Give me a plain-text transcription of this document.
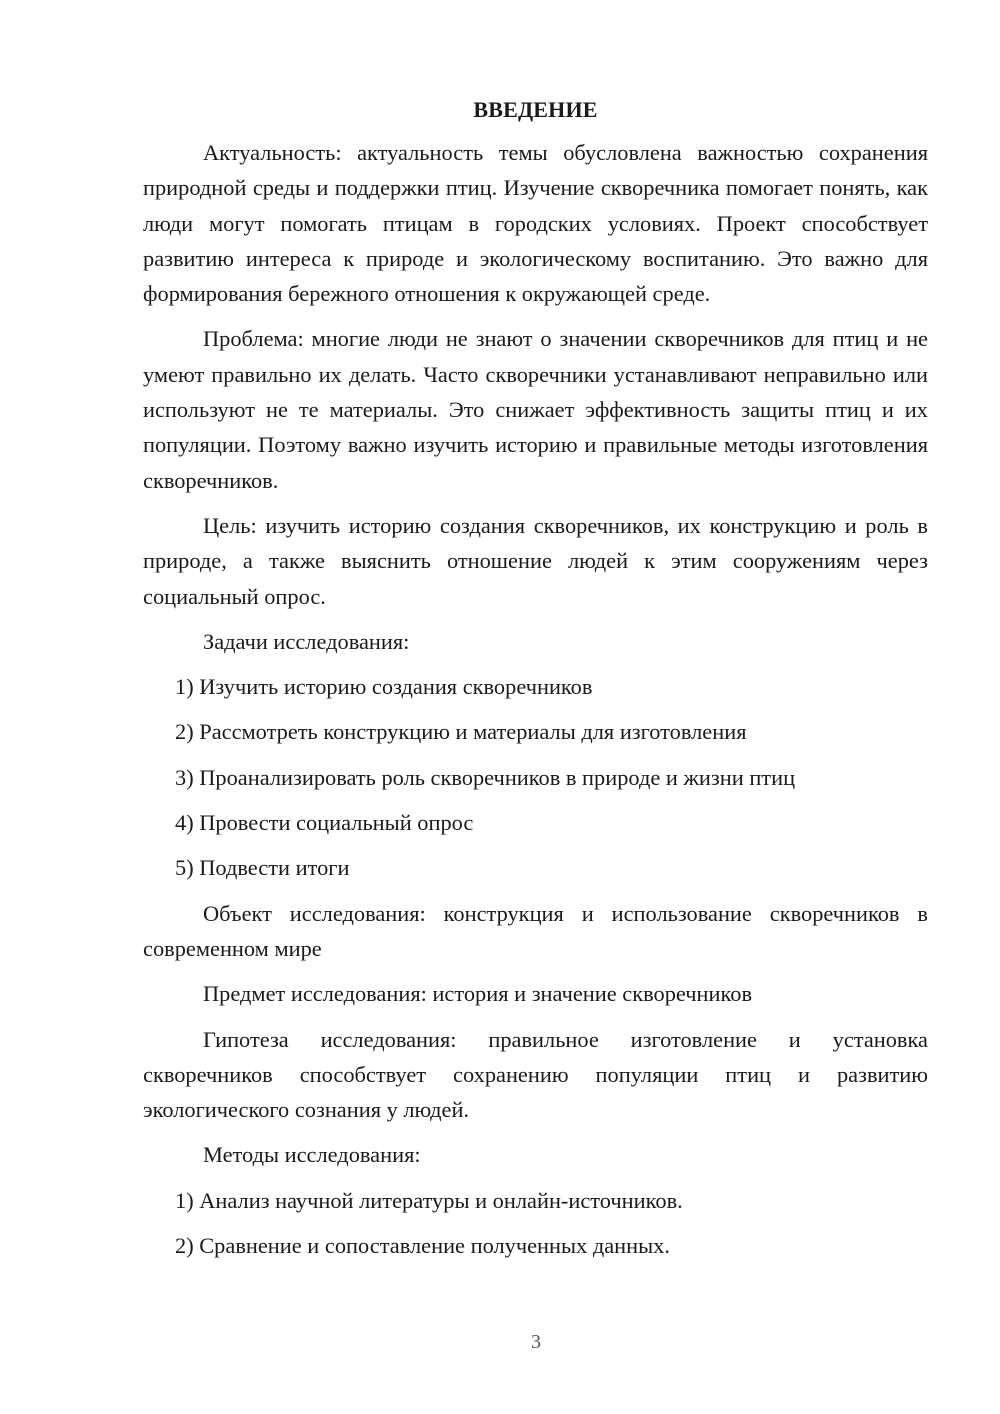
ВВЕДЕНИЕ

Актуальность: актуальность темы обусловлена важностью сохранения природной среды и поддержки птиц. Изучение скворечника помогает понять, как люди могут помогать птицам в городских условиях. Проект способствует развитию интереса к природе и экологическому воспитанию. Это важно для формирования бережного отношения к окружающей среде.

Проблема: многие люди не знают о значении скворечников для птиц и не умеют правильно их делать. Часто скворечники устанавливают неправильно или используют не те материалы. Это снижает эффективность защиты птиц и их популяции. Поэтому важно изучить историю и правильные методы изготовления скворечников.

Цель: изучить историю создания скворечников, их конструкцию и роль в природе, а также выяснить отношение людей к этим сооружениям через социальный опрос.

Задачи исследования:

1) Изучить историю создания скворечников

2) Рассмотреть конструкцию и материалы для изготовления

3) Проанализировать роль скворечников в природе и жизни птиц

4) Провести социальный опрос

5) Подвести итоги

Объект исследования: конструкция и использование скворечников в современном мире

Предмет исследования: история и значение скворечников

Гипотеза исследования: правильное изготовление и установка скворечников способствует сохранению популяции птиц и развитию экологического сознания у людей.

Методы исследования:

1) Анализ научной литературы и онлайн-источников.

2) Сравнение и сопоставление полученных данных.

3
